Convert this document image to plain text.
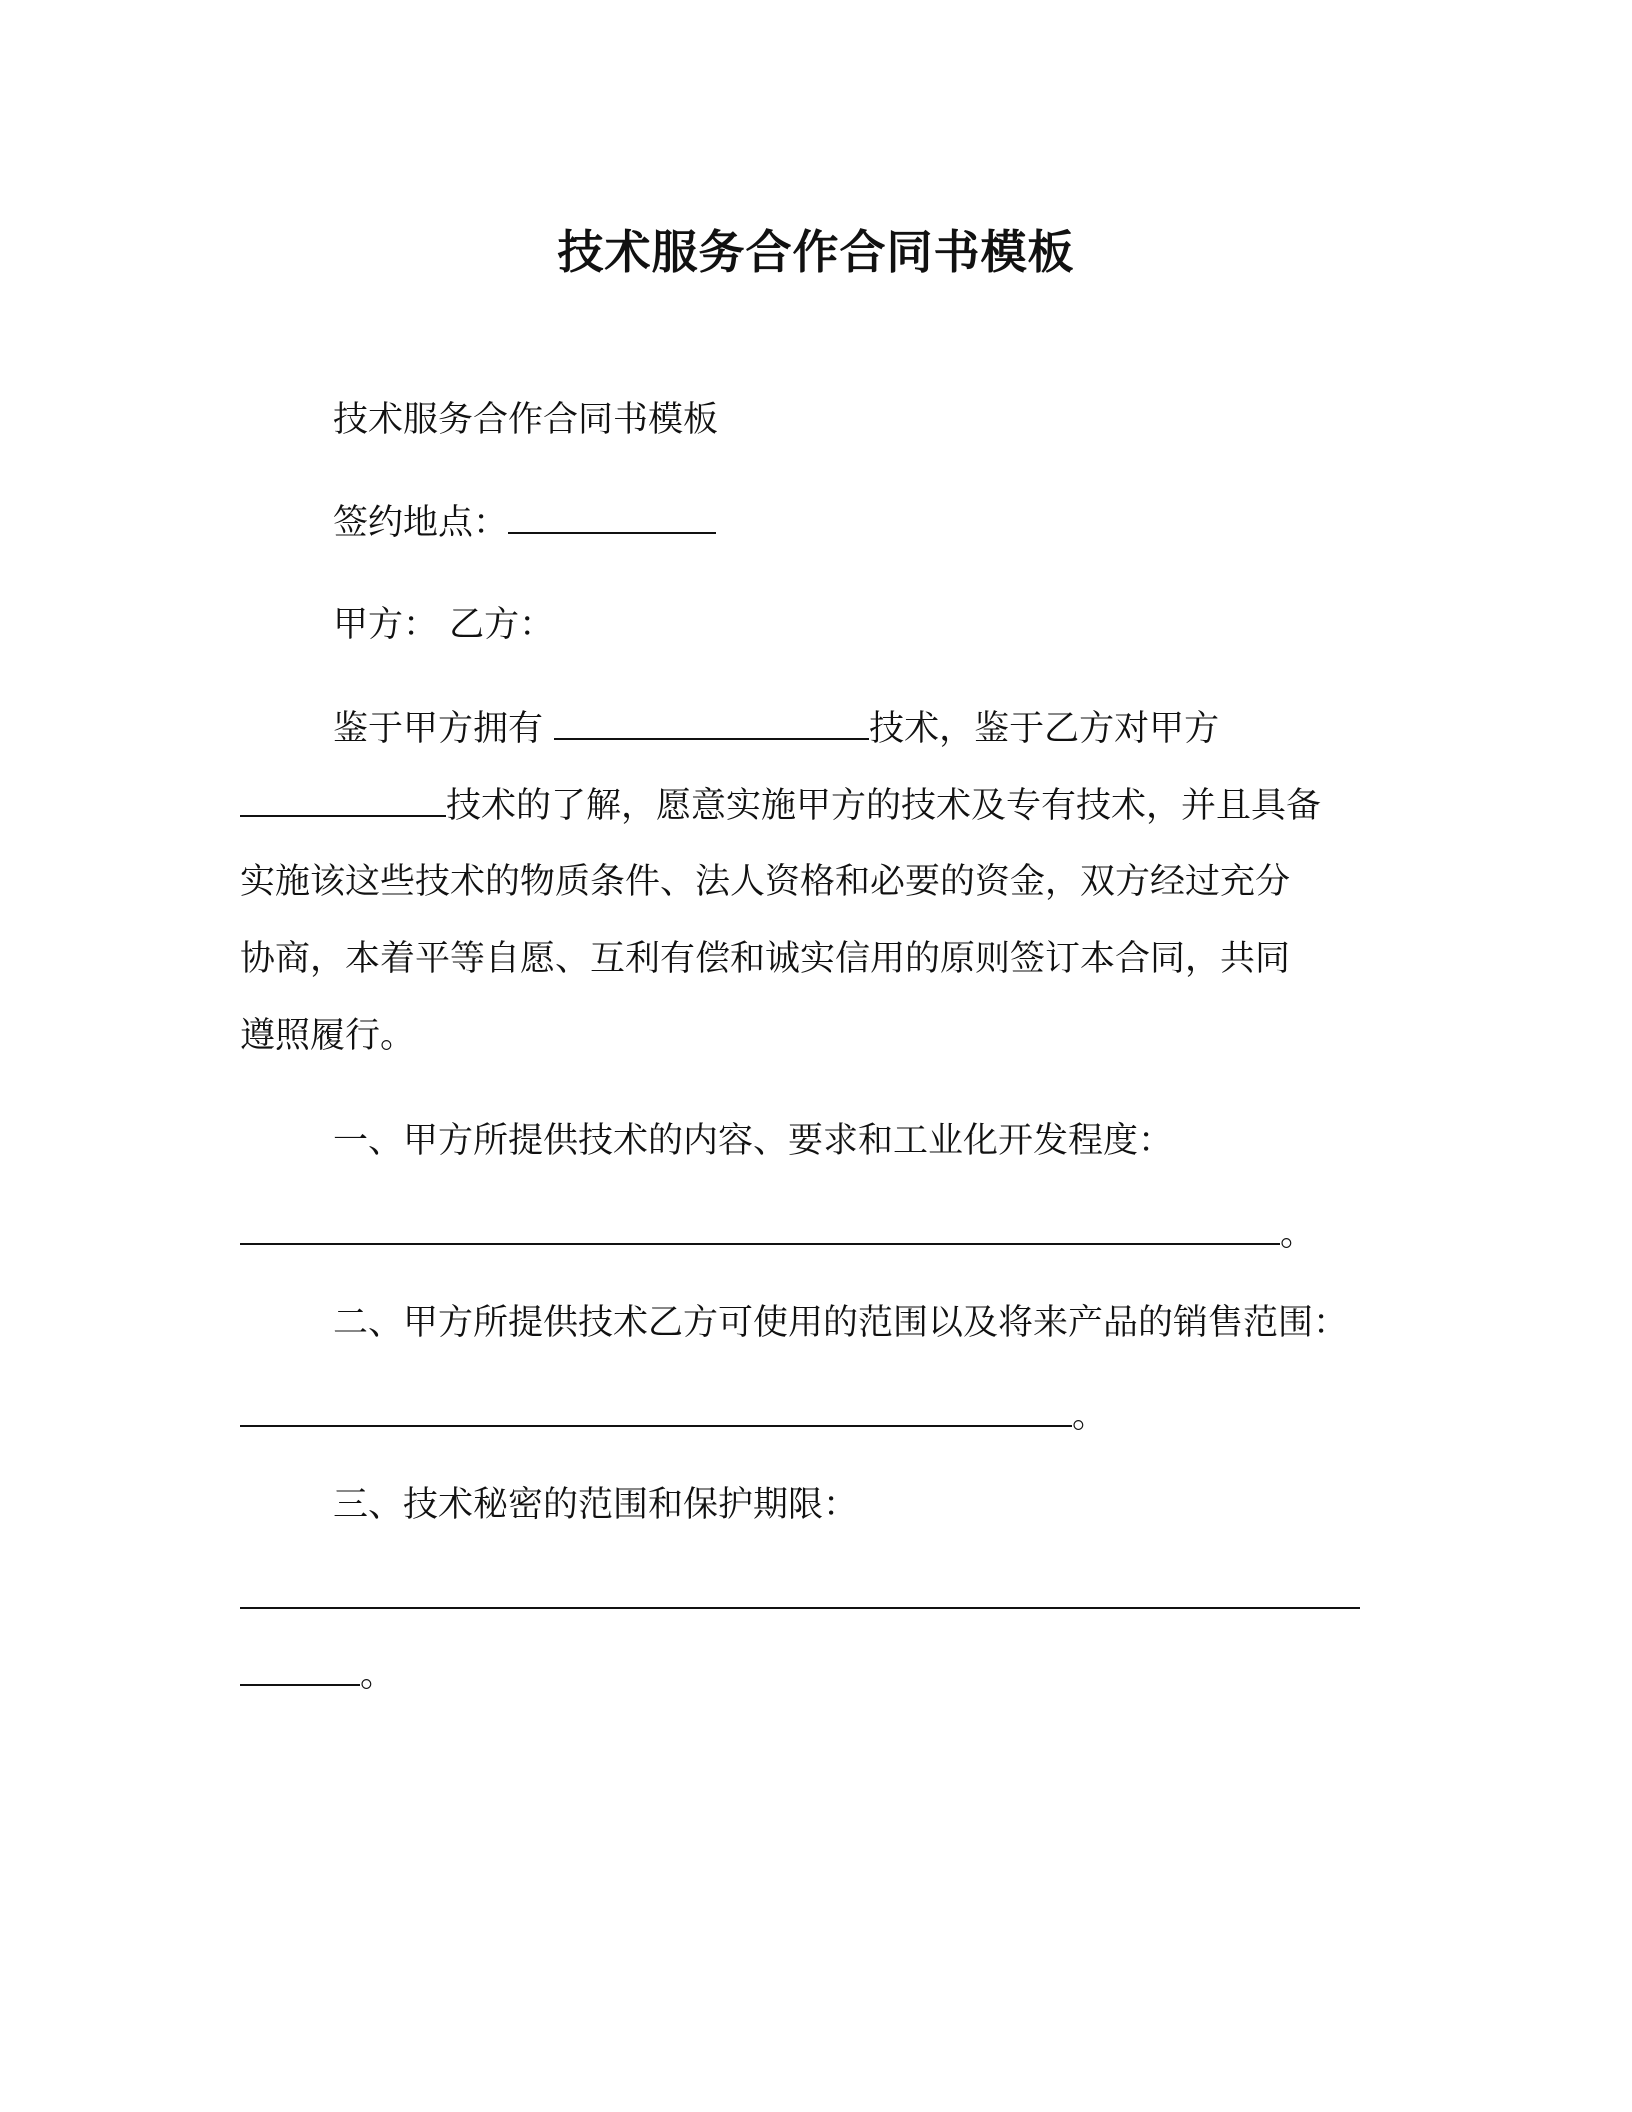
技术服务合作合同书模板

技术服务合作合同书模板

签约地点：

甲方： 乙方：

鉴于甲方拥有	技术，鉴于乙方对甲方

技术的了解，愿意实施甲方的技术及专有技术，并且具备

实施该这些技术的物质条件、法人资格和必要的资金，双方经过充分

协商，本着平等自愿、互利有偿和诚实信用的原则签订本合同，共同

遵照履行。

一、甲方所提供技术的内容、要求和工业化开发程度：

。

二、甲方所提供技术乙方可使用的范围以及将来产品的销售范围：

。

三、技术秘密的范围和保护期限：

。
